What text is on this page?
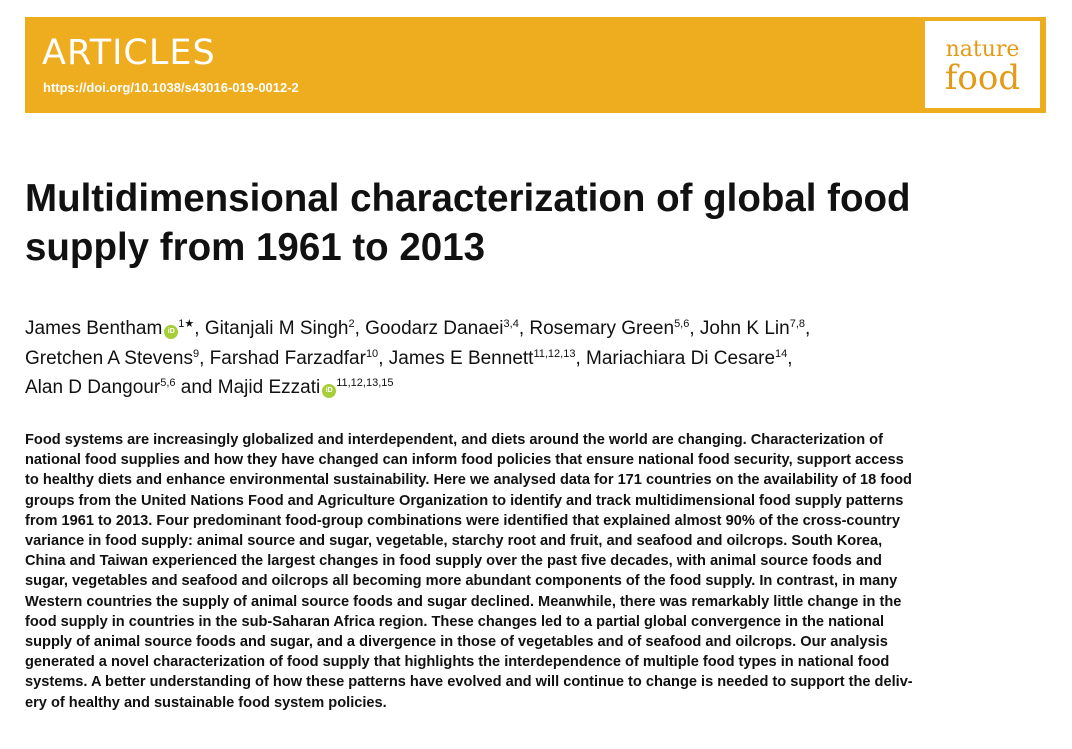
ARTICLES
https://doi.org/10.1038/s43016-019-0012-2
nature
food
Multidimensional characterization of global food
supply from 1961 to 2013
James Bentham $iD^{1★}$, Gitanjali M Singh$^2$, Goodarz Danaei$^{3,4}$, Rosemary Green$^{5,6}$, John K Lin$^{7,8}$,
Gretchen A Stevens$^9$, Farshad Farzadfar$^{10}$, James E Bennett$^{11,12,13}$, Mariachiara Di Cesare$^{14}$,
Alan D Dangour$^{5,6}$ and Majid Ezzati iD$^{11,12,13,15}$

Food systems are increasingly globalized and interdependent, and diets around the world are changing. Characterization of
national food supplies and how they have changed can inform food policies that ensure national food security, support access
to healthy diets and enhance environmental sustainability. Here we analysed data for 171 countries on the availability of 18 food
groups from the United Nations Food and Agriculture Organization to identify and track multidimensional food supply patterns
from 1961 to 2013. Four predominant food-group combinations were identified that explained almost 90% of the cross-country
variance in food supply: animal source and sugar, vegetable, starchy root and fruit, and seafood and oilcrops. South Korea,
China and Taiwan experienced the largest changes in food supply over the past five decades, with animal source foods and
sugar, vegetables and seafood and oilcrops all becoming more abundant components of the food supply. In contrast, in many
Western countries the supply of animal source foods and sugar declined. Meanwhile, there was remarkably little change in the
food supply in countries in the sub-Saharan Africa region. These changes led to a partial global convergence in the national
supply of animal source foods and sugar, and a divergence in those of vegetables and of seafood and oilcrops. Our analysis
generated a novel characterization of food supply that highlights the interdependence of multiple food types in national food
systems. A better understanding of how these patterns have evolved and will continue to change is needed to support the deliv-
ery of healthy and sustainable food system policies.
